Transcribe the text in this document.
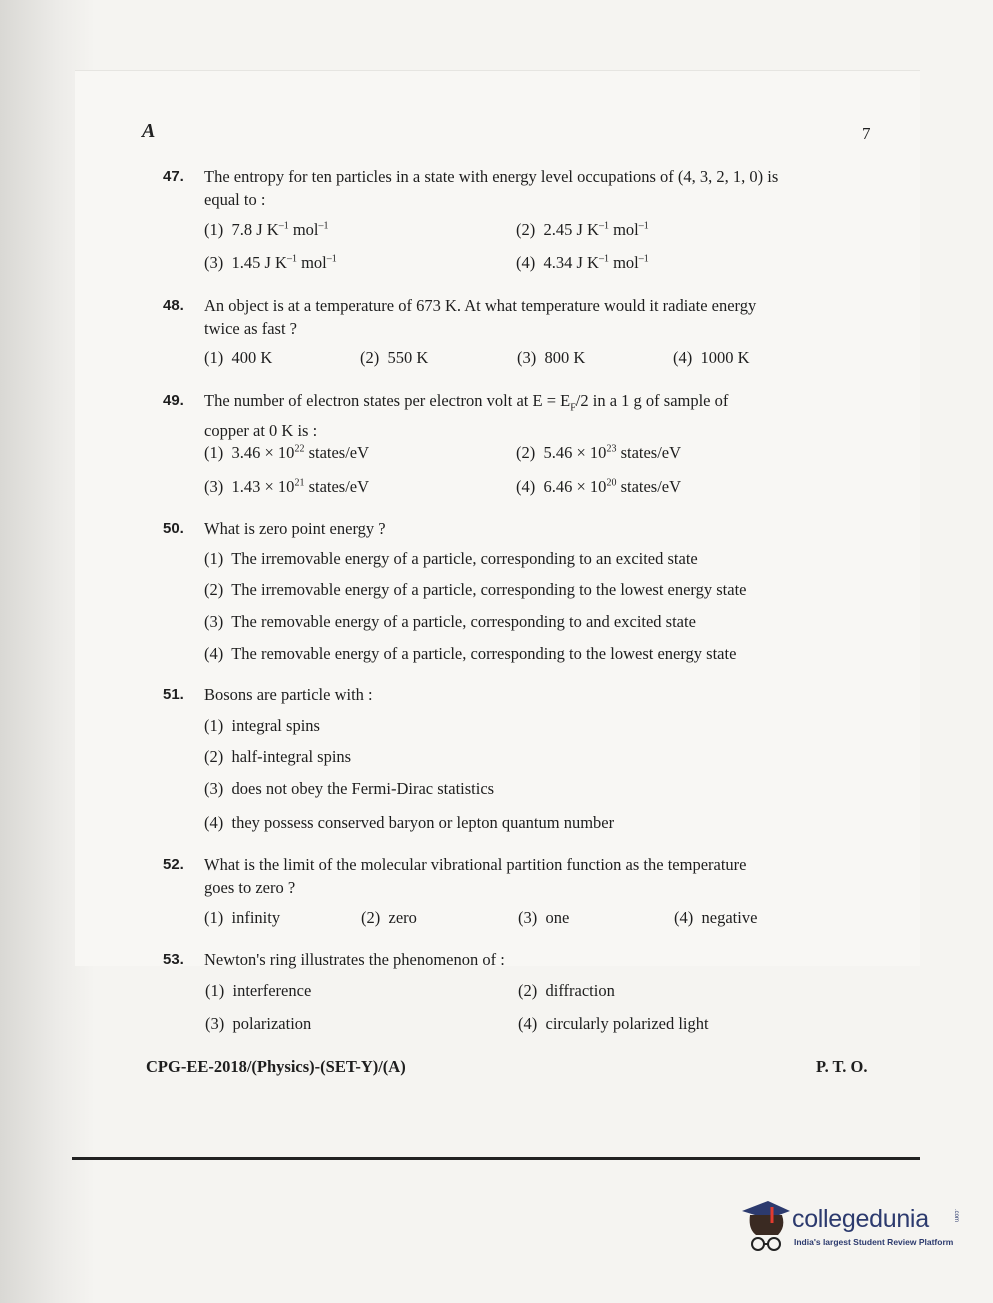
A	7
47. The entropy for ten particles in a state with energy level occupations of (4, 3, 2, 1, 0) is
equal to :
(1) 7.8 J $K^{-1}$ mol$^{-1}$	(2) 2.45 J $K^{-1}$ mol$^{-1}$
(3) 1.45 J $K^{-1}$ mol$^{-1}$	(4) 4.34 J $K^{-1}$ mol$^{-1}$
48. An object is at a temperature of 673 K. At what temperature would it radiate energy
twice as fast ?
(1) 400 K	(2) 550 K	(3) 800 K	(4) 1000 K
49. The number of electron states per electron volt at $E = E_F/2$ in a 1 g of sample of
copper at 0 K is :
(1) $3.46 \times 10^{22}$ states/eV	(2) $5.46 \times 10^{23}$ states/eV
(3) $1.43 \times 10^{21}$ states/eV	(4) $6.46 \times 10^{20}$ states/eV
50. What is zero point energy ?
(1) The irremovable energy of a particle, corresponding to an excited state
(2) The irremovable energy of a particle, corresponding to the lowest energy state
(3) The removable energy of a particle, corresponding to and excited state
(4) The removable energy of a particle, corresponding to the lowest energy state
51. Bosons are particle with :
(1) integral spins
(2) half-integral spins
(3) does not obey the Fermi-Dirac statistics
(4) they possess conserved baryon or lepton quantum number
52. What is the limit of the molecular vibrational partition function as the temperature
goes to zero ?
(1) infinity	(2) zero	(3) one	(4) negative
53. Newton's ring illustrates the phenomenon of :
(1) interference	(2) diffraction
(3) polarization	(4) circularly polarized light
CPG-EE-2018/(Physics)-(SET-Y)/(A)	P. T. O.
collegedunia	.com
India's largest Student Review Platform
